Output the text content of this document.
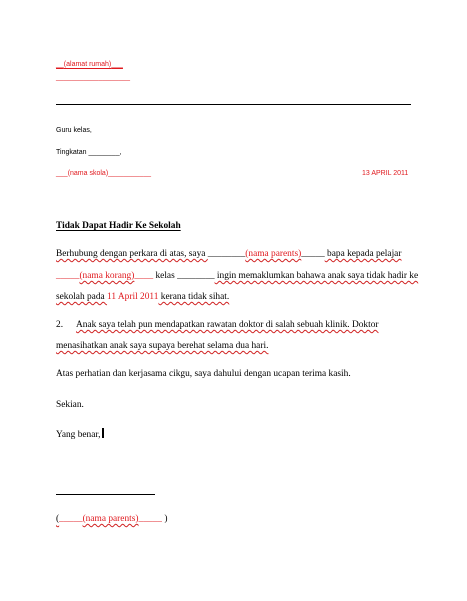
__(alamat rumah)___
___________________
Guru kelas,
Tingkatan ________,
___(nama skola)___________	13 APRIL 2011
Tidak Dapat Hadir Ke Sekolah
Berhubung dengan perkara di atas, saya ________(nama parents)_____ bapa kepada pelajar
_____(nama korang)____ kelas ________ ingin memaklumkan bahawa anak saya tidak hadir ke
sekolah pada 11 April 2011 kerana tidak sihat.
2. Anak saya telah pun mendapatkan rawatan doktor di salah sebuah klinik. Doktor
menasihatkan anak saya supaya berehat selama dua hari.
Atas perhatian dan kerjasama cikgu, saya dahului dengan ucapan terima kasih.
Sekian.
Yang benar,
(_____(nama parents)_____ )
